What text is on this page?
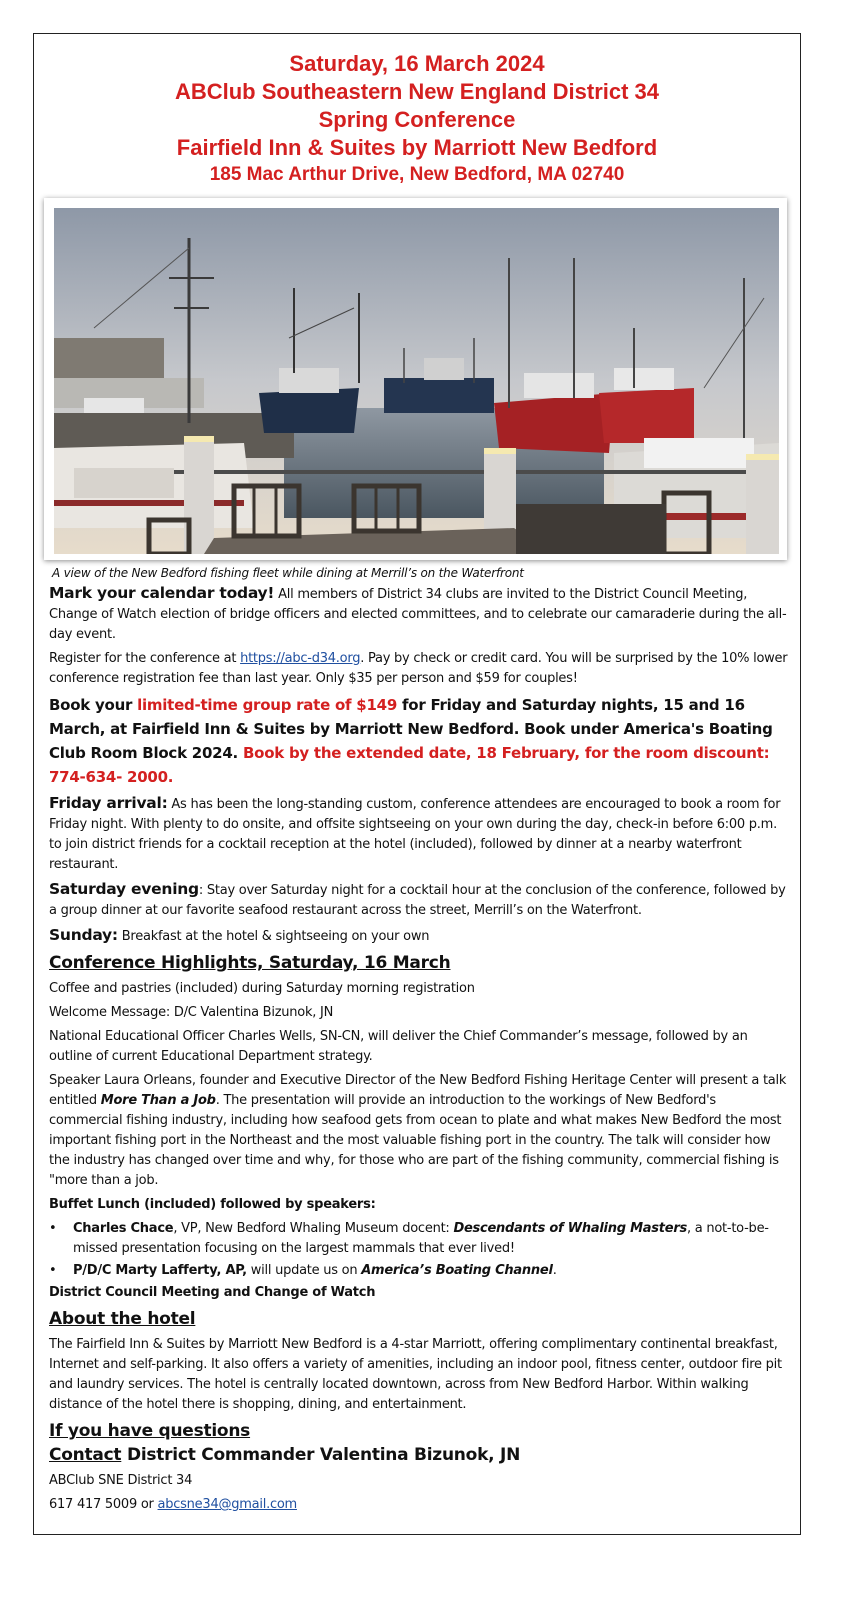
Saturday, 16 March 2024
ABClub Southeastern New England District 34
Spring Conference
Fairfield Inn & Suites by Marriott New Bedford
185 Mac Arthur Drive, New Bedford, MA 02740
A view of the New Bedford fishing fleet while dining at Merrill’s on the Waterfront

Mark your calendar today! All members of District 34 clubs are invited to the District Council Meeting, Change of Watch election of bridge officers and elected committees, and to celebrate our camaraderie during the all-day event.

Register for the conference at https://abc-d34.org. Pay by check or credit card. You will be surprised by the 10% lower conference registration fee than last year. Only $35 per person and $59 for couples!

Book your limited-time group rate of $149 for Friday and Saturday nights, 15 and 16 March, at Fairfield Inn & Suites by Marriott New Bedford. Book under America's Boating Club Room Block 2024. Book by the extended date, 18 February, for the room discount: 774-634- 2000.

Friday arrival: As has been the long-standing custom, conference attendees are encouraged to book a room for Friday night. With plenty to do onsite, and offsite sightseeing on your own during the day, check-in before 6:00 p.m. to join district friends for a cocktail reception at the hotel (included), followed by dinner at a nearby waterfront restaurant.

Saturday evening: Stay over Saturday night for a cocktail hour at the conclusion of the conference, followed by a group dinner at our favorite seafood restaurant across the street, Merrill’s on the Waterfront.

Sunday: Breakfast at the hotel & sightseeing on your own

Conference Highlights, Saturday, 16 March

Coffee and pastries (included) during Saturday morning registration

Welcome Message: D/C Valentina Bizunok, JN

National Educational Officer Charles Wells, SN-CN, will deliver the Chief Commander’s message, followed by an outline of current Educational Department strategy.

Speaker Laura Orleans, founder and Executive Director of the New Bedford Fishing Heritage Center will present a talk entitled More Than a Job. The presentation will provide an introduction to the workings of New Bedford's commercial fishing industry, including how seafood gets from ocean to plate and what makes New Bedford the most important fishing port in the Northeast and the most valuable fishing port in the country. The talk will consider how the industry has changed over time and why, for those who are part of the fishing community, commercial fishing is "more than a job.

Buffet Lunch (included) followed by speakers:

• Charles Chace, VP, New Bedford Whaling Museum docent: Descendants of Whaling Masters, a not-to-be-missed presentation focusing on the largest mammals that ever lived!
• P/D/C Marty Lafferty, AP, will update us on America’s Boating Channel.

District Council Meeting and Change of Watch

About the hotel

The Fairfield Inn & Suites by Marriott New Bedford is a 4-star Marriott, offering complimentary continental breakfast, Internet and self-parking. It also offers a variety of amenities, including an indoor pool, fitness center, outdoor fire pit and laundry services. The hotel is centrally located downtown, across from New Bedford Harbor. Within walking distance of the hotel there is shopping, dining, and entertainment.

If you have questions

Contact District Commander Valentina Bizunok, JN

ABClub SNE District 34

617 417 5009 or abcsne34@gmail.com
